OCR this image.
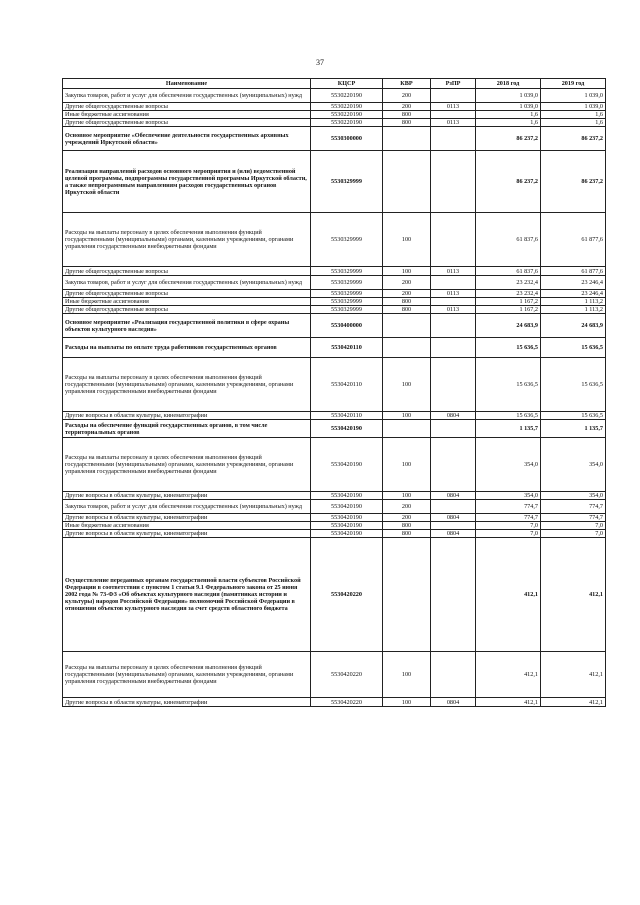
37
Наименование	КЦСР	КВР	РзПР	2018 год	2019 год
Закупка товаров, работ и услуг для обеспечения государственных (муниципальных) нужд	5530220190	200		1 039,0	1 039,0
Другие общегосударственные вопросы	5530220190	200	0113	1 039,0	1 039,0
Иные бюджетные ассигнования	5530220190	800		1,6	1,6
Другие общегосударственные вопросы	5530220190	800	0113	1,6	1,6
Основное мероприятие «Обеспечение деятельности государственных архивных учреждений Иркутской области»	5530300000			86 237,2	86 237,2
Реализация направлений расходов основного мероприятия и (или) ведомственной целевой программы, подпрограммы государственной программы Иркутской области, а также непрограммным направлениям расходов государственных органов Иркутской области	5530329999			86 237,2	86 237,2
Расходы на выплаты персоналу в целях обеспечения выполнения функций государственными (муниципальными) органами, казенными учреждениями, органами управления государственными внебюджетными фондами	5530329999	100		61 837,6	61 877,6
Другие общегосударственные вопросы	5530329999	100	0113	61 837,6	61 877,6
Закупка товаров, работ и услуг для обеспечения государственных (муниципальных) нужд	5530329999	200		23 232,4	23 246,4
Другие общегосударственные вопросы	5530329999	200	0113	23 232,4	23 246,4
Иные бюджетные ассигнования	5530329999	800		1 167,2	1 113,2
Другие общегосударственные вопросы	5530329999	800	0113	1 167,2	1 113,2
Основное мероприятие «Реализация государственной политики в сфере охраны объектов культурного наследия»	5530400000			24 683,9	24 683,9
Расходы на выплаты по оплате труда работников государственных органов	5530420110			15 636,5	15 636,5
Расходы на выплаты персоналу в целях обеспечения выполнения функций государственными (муниципальными) органами, казенными учреждениями, органами управления государственными внебюджетными фондами	5530420110	100		15 636,5	15 636,5
Другие вопросы в области культуры, кинематографии	5530420110	100	0804	15 636,5	15 636,5
Расходы на обеспечение функций государственных органов, в том числе территориальных органов	5530420190			1 135,7	1 135,7
Расходы на выплаты персоналу в целях обеспечения выполнения функций государственными (муниципальными) органами, казенными учреждениями, органами управления государственными внебюджетными фондами	5530420190	100		354,0	354,0
Другие вопросы в области культуры, кинематографии	5530420190	100	0804	354,0	354,0
Закупка товаров, работ и услуг для обеспечения государственных (муниципальных) нужд	5530420190	200		774,7	774,7
Другие вопросы в области культуры, кинематографии	5530420190	200	0804	774,7	774,7
Иные бюджетные ассигнования	5530420190	800		7,0	7,0
Другие вопросы в области культуры, кинематографии	5530420190	800	0804	7,0	7,0
Осуществление переданных органам государственной власти субъектов Российской Федерации в соответствии с пунктом 1 статьи 9.1 Федерального закона от 25 июня 2002 года № 73-ФЗ «Об объектах культурного наследия (памятниках истории и культуры) народов Российской Федерации» полномочий Российской Федерации в отношении объектов культурного наследия за счет средств областного бюджета	5530420220			412,1	412,1
Расходы на выплаты персоналу в целях обеспечения выполнения функций государственными (муниципальными) органами, казенными учреждениями, органами управления государственными внебюджетными фондами	5530420220	100		412,1	412,1
Другие вопросы в области культуры, кинематографии	5530420220	100	0804	412,1	412,1
